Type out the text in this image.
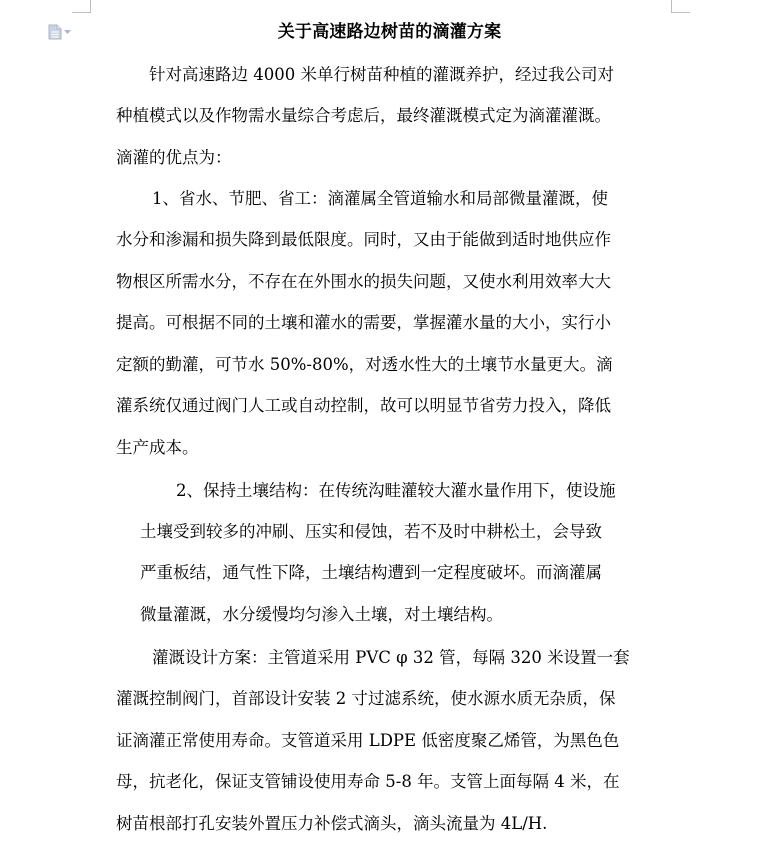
关于高速路边树苗的滴灌方案
针对高速路边 4000 米单行树苗种植的灌溉养护，经过我公司对
种植模式以及作物需水量综合考虑后，最终灌溉模式定为滴灌灌溉。
滴灌的优点为：
1、省水、节肥、省工：滴灌属全管道输水和局部微量灌溉，使
水分和渗漏和损失降到最低限度。同时，又由于能做到适时地供应作
物根区所需水分，不存在在外围水的损失问题，又使水利用效率大大
提高。可根据不同的土壤和灌水的需要，掌握灌水量的大小，实行小
定额的勤灌，可节水 50%-80%，对透水性大的土壤节水量更大。滴
灌系统仅通过阀门人工或自动控制，故可以明显节省劳力投入，降低
生产成本。
2、保持土壤结构：在传统沟畦灌较大灌水量作用下，使设施
土壤受到较多的冲刷、压实和侵蚀，若不及时中耕松土，会导致
严重板结，通气性下降，土壤结构遭到一定程度破坏。而滴灌属
微量灌溉，水分缓慢均匀渗入土壤，对土壤结构。
灌溉设计方案：主管道采用 PVC φ 32 管，每隔 320 米设置一套
灌溉控制阀门，首部设计安装 2 寸过滤系统，使水源水质无杂质，保
证滴灌正常使用寿命。支管道采用 LDPE 低密度聚乙烯管，为黑色色
母，抗老化，保证支管铺设使用寿命 5-8 年。支管上面每隔 4 米，在
树苗根部打孔安装外置压力补偿式滴头，滴头流量为 4L/H.
